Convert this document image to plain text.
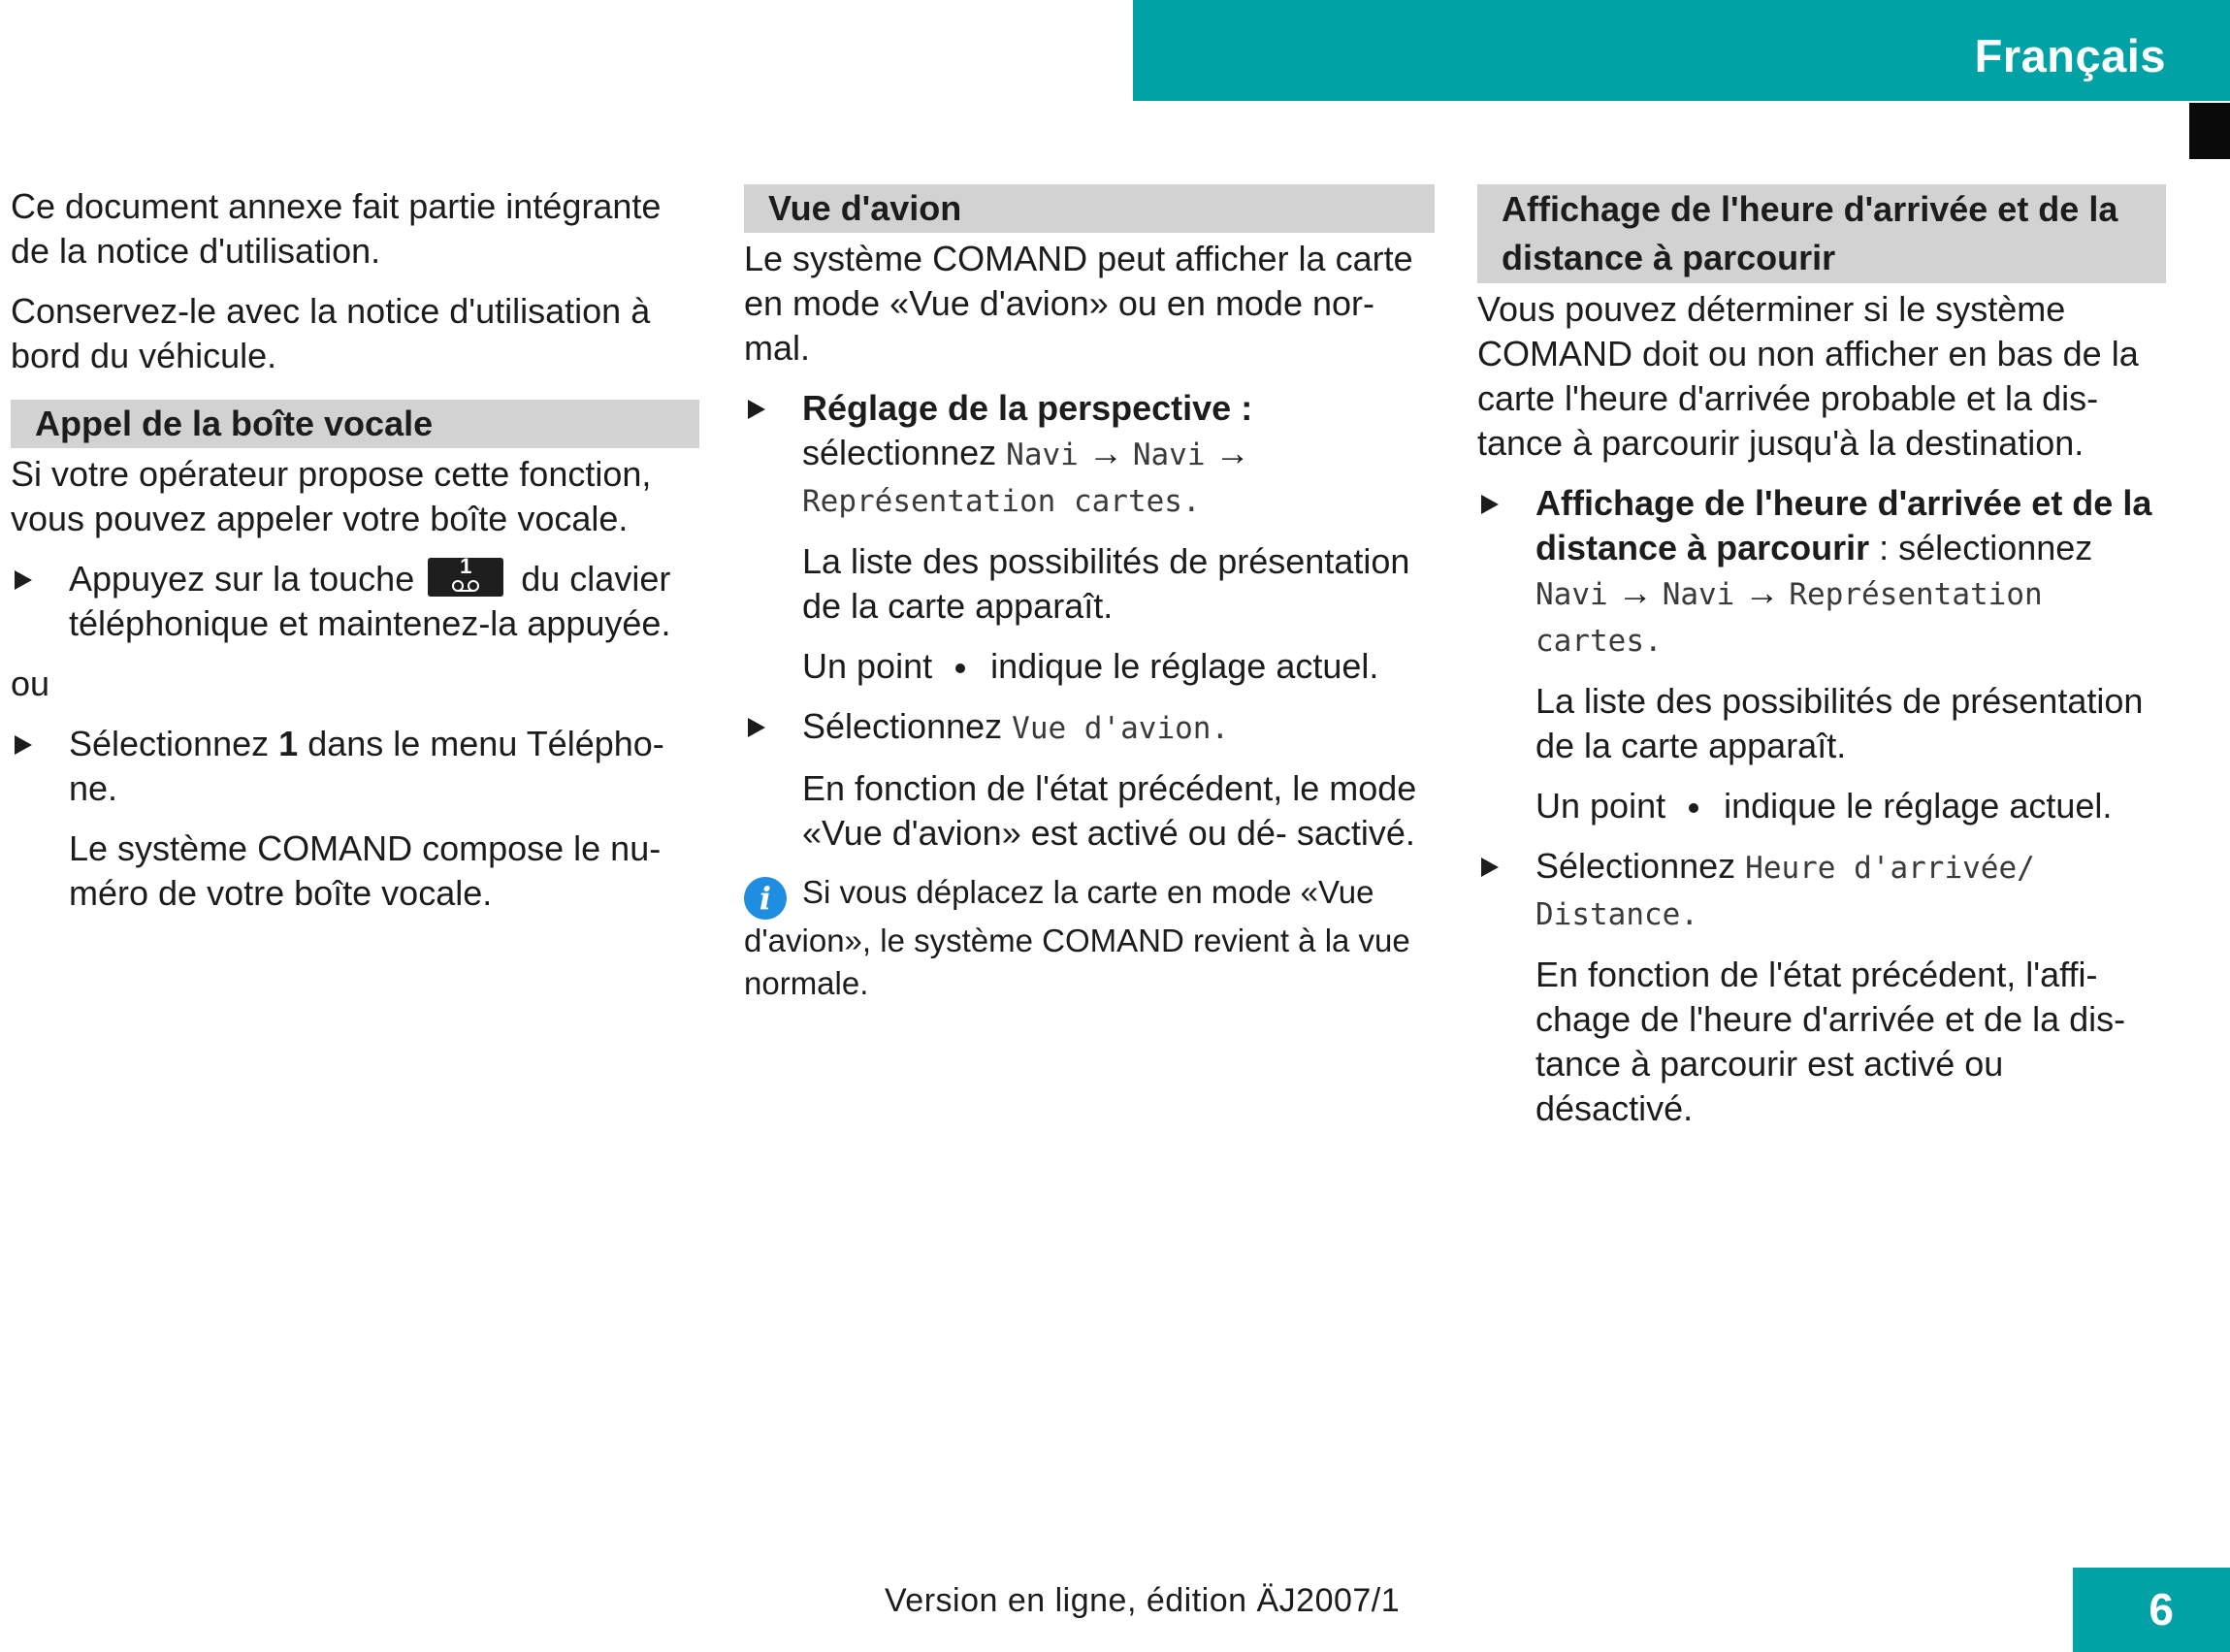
Français

Ce document annexe fait partie intégrante de la notice d'utilisation.

Conservez-le avec la notice d'utilisation à bord du véhicule.

Appel de la boîte vocale

Si votre opérateur propose cette fonction, vous pouvez appeler votre boîte vocale.

Appuyez sur la touche	1	du clavier téléphonique et maintenez-la appuyée.

ou

Sélectionnez 1 dans le menu Télépho- ne.
Le système COMAND compose le nu- méro de votre boîte vocale.
Vue d'avion

Le système COMAND peut afficher la carte en mode «Vue d'avion» ou en mode nor- mal.

Réglage de la perspective :
sélectionnez Navi → Navi →
Représentation cartes.
La liste des possibilités de présentation de la carte apparaît.
Un point indique le réglage actuel.
Sélectionnez Vue d'avion.
En fonction de l'état précédent, le mode «Vue d'avion» est activé ou dé- sactivé.
i Si vous déplacez la carte en mode «Vue d'avion», le système COMAND revient à la vue normale.
Affichage de l'heure d'arrivée et de la distance à parcourir

Vous pouvez déterminer si le système COMAND doit ou non afficher en bas de la carte l'heure d'arrivée probable et la dis- tance à parcourir jusqu'à la destination.

Affichage de l'heure d'arrivée et de la distance à parcourir : sélectionnez
Navi → Navi → Représentation cartes.
La liste des possibilités de présentation de la carte apparaît.
Un point indique le réglage actuel.
Sélectionnez Heure d'arrivée/ Distance.
En fonction de l'état précédent, l'affi- chage de l'heure d'arrivée et de la dis- tance à parcourir est activé ou désactivé.
Version en ligne, édition ÄJ2007/1	6
